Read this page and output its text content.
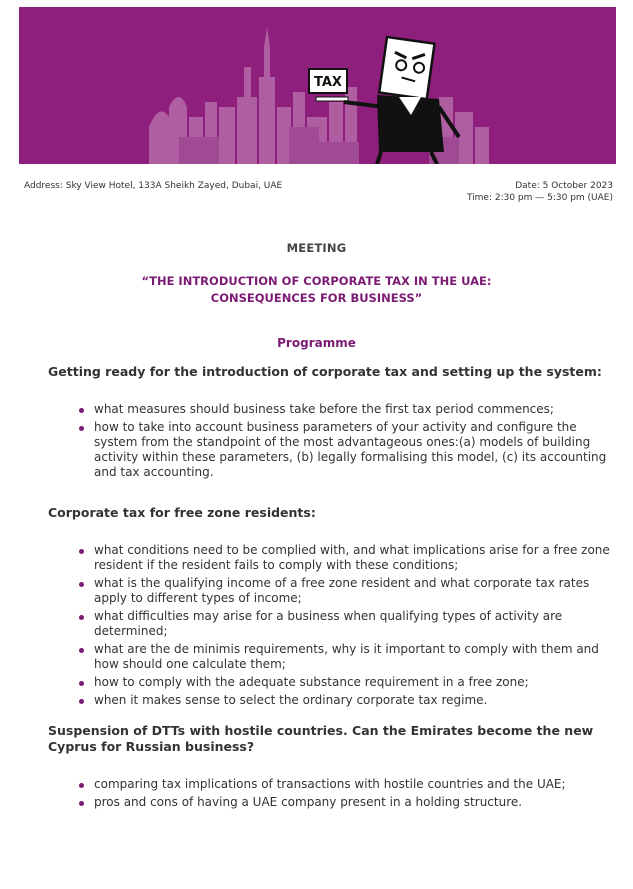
TAX
Address: Sky View Hotel, 133A Sheikh Zayed, Dubai, UAE	Date: 5 October 2023
Time: 2:30 pm — 5:30 pm (UAE)
MEETING
“THE INTRODUCTION OF CORPORATE TAX IN THE UAE:
CONSEQUENCES FOR BUSINESS”
Programme
Getting ready for the introduction of corporate tax and setting up the system:
what measures should business take before the first tax period commences;
how to take into account business parameters of your activity and configure the system from the standpoint of the most advantageous ones:(a) models of building activity within these parameters, (b) legally formalising this model, (c) its accounting and tax accounting.
Corporate tax for free zone residents:
what conditions need to be complied with, and what implications arise for a free zone resident if the resident fails to comply with these conditions;
what is the qualifying income of a free zone resident and what corporate tax rates apply to different types of income;
what difficulties may arise for a business when qualifying types of activity are determined;
what are the de minimis requirements, why is it important to comply with them and how should one calculate them;
how to comply with the adequate substance requirement in a free zone;
when it makes sense to select the ordinary corporate tax regime.
Suspension of DTTs with hostile countries. Can the Emirates become the new Cyprus for Russian business?
comparing tax implications of transactions with hostile countries and the UAE;
pros and cons of having a UAE company present in a holding structure.
